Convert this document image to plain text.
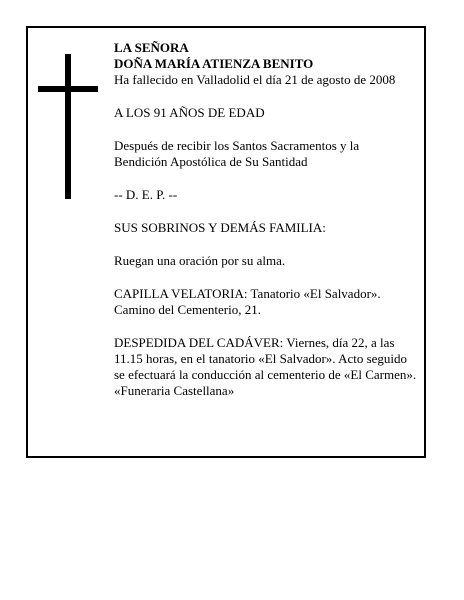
LA SEÑORA

DOÑA MARÍA ATIENZA BENITO

Ha fallecido en Valladolid el día 21 de agosto de 2008

A LOS 91 AÑOS DE EDAD

Después de recibir los Santos Sacramentos y la

Bendición Apostólica de Su Santidad

-- D. E. P. --

SUS SOBRINOS Y DEMÁS FAMILIA:

Ruegan una oración por su alma.

CAPILLA VELATORIA: Tanatorio «El Salvador».

Camino del Cementerio, 21.

DESPEDIDA DEL CADÁVER: Viernes, día 22, a las

11.15 horas, en el tanatorio «El Salvador». Acto seguido

se efectuará la conducción al cementerio de «El Carmen».

«Funeraria Castellana»
